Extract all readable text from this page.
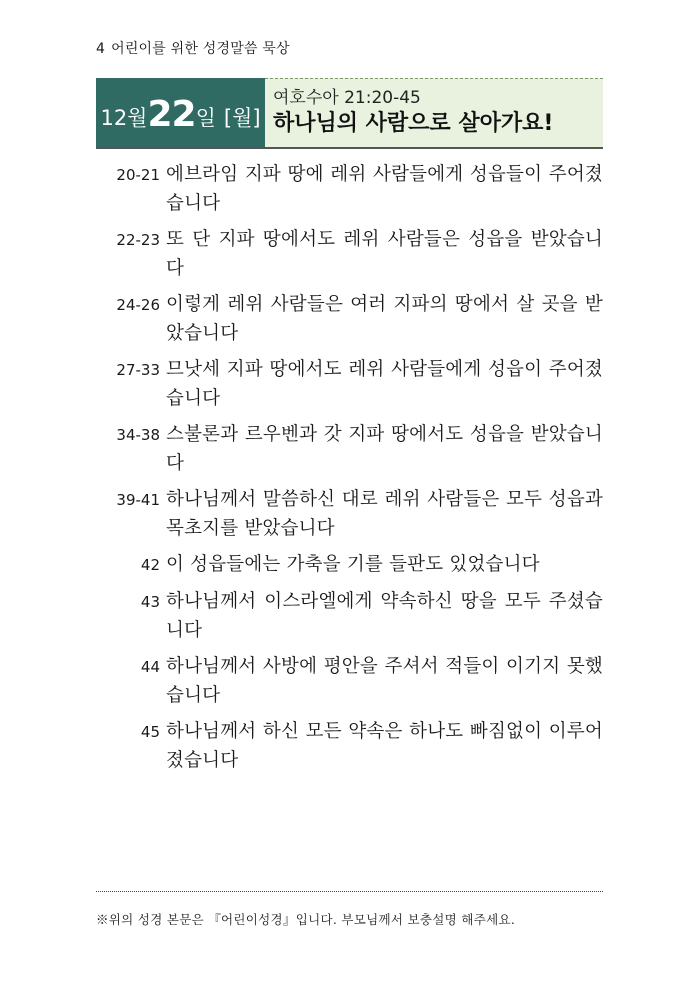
4 어린이를 위한 성경말씀 묵상
12월 22 일 [월]
여호수아 21:20-45
하나님의 사람으로 살아가요!
20-21 에브라임 지파 땅에 레위 사람들에게 성읍들이 주어졌습니다
22-23 또 단 지파 땅에서도 레위 사람들은 성읍을 받았습니다
24-26 이렇게 레위 사람들은 여러 지파의 땅에서 살 곳을 받았습니다
27-33 므낫세 지파 땅에서도 레위 사람들에게 성읍이 주어졌습니다
34-38 스불론과 르우벤과 갓 지파 땅에서도 성읍을 받았습니다
39-41 하나님께서 말씀하신 대로 레위 사람들은 모두 성읍과 목초지를 받았습니다
42 이 성읍들에는 가축을 기를 들판도 있었습니다
43 하나님께서 이스라엘에게 약속하신 땅을 모두 주셨습니다
44 하나님께서 사방에 평안을 주셔서 적들이 이기지 못했습니다
45 하나님께서 하신 모든 약속은 하나도 빠짐없이 이루어졌습니다
※위의 성경 본문은 『어린이성경』입니다. 부모님께서 보충설명 해주세요.
